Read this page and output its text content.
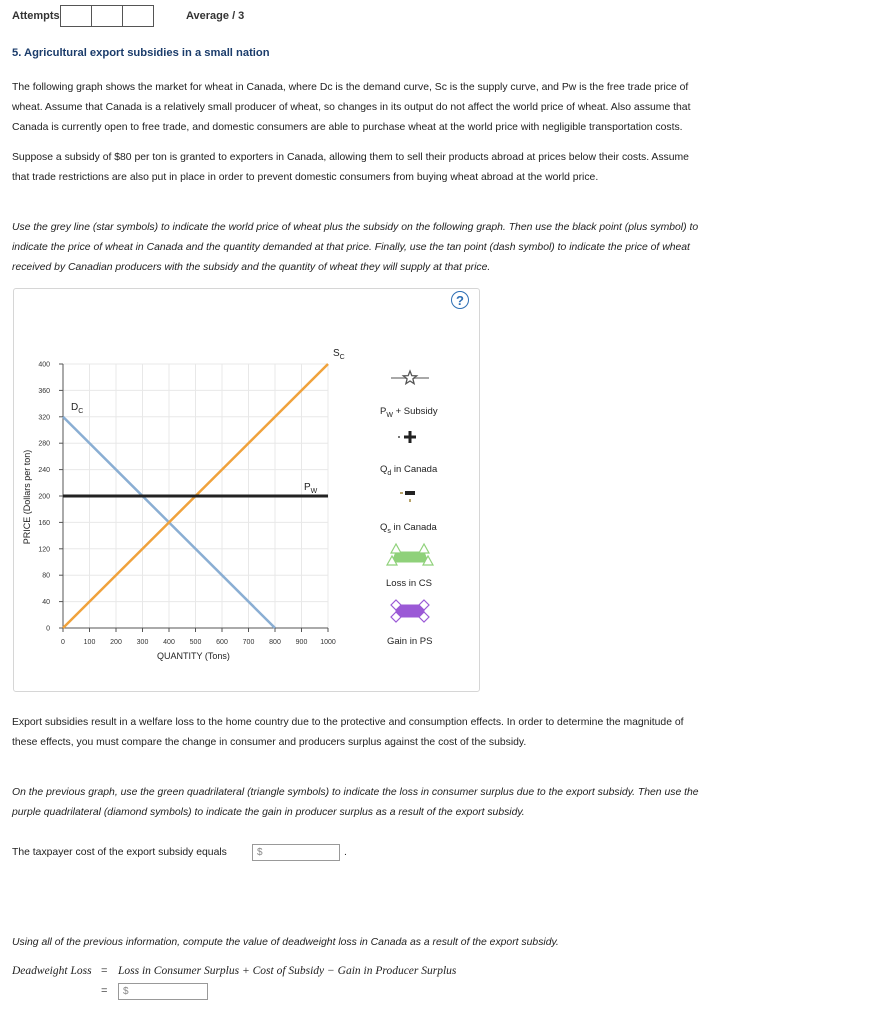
Attempts	Average / 3
5. Agricultural export subsidies in a small nation
The following graph shows the market for wheat in Canada, where Dc is the demand curve, Sc is the supply curve, and Pw is the free trade price of
wheat. Assume that Canada is a relatively small producer of wheat, so changes in its output do not affect the world price of wheat. Also assume that
Canada is currently open to free trade, and domestic consumers are able to purchase wheat at the world price with negligible transportation costs.
Suppose a subsidy of $80 per ton is granted to exporters in Canada, allowing them to sell their products abroad at prices below their costs. Assume
that trade restrictions are also put in place in order to prevent domestic consumers from buying wheat abroad at the world price.
Use the grey line (star symbols) to indicate the world price of wheat plus the subsidy on the following graph. Then use the black point (plus symbol) to
indicate the price of wheat in Canada and the quantity demanded at that price. Finally, use the tan point (dash symbol) to indicate the price of wheat
received by Canadian producers with the subsidy and the quantity of wheat they will supply at that price.
?
0
40
80
120
160
200
240
280
320
360
400
0	100 200 300 400 500 600 700 800 900 1000
$D_C$
$S_C$
$P_W$
PRICE (Dollars per ton)
QUANTITY (Tons)
$P_W$ + Subsidy
$Q_d$ in Canada
$Q_s$ in Canada
Loss in CS
Gain in PS
Export subsidies result in a welfare loss to the home country due to the protective and consumption effects. In order to determine the magnitude of
these effects, you must compare the change in consumer and producers surplus against the cost of the subsidy.
On the previous graph, use the green quadrilateral (triangle symbols) to indicate the loss in consumer surplus due to the export subsidy. Then use the
purple quadrilateral (diamond symbols) to indicate the gain in producer surplus as a result of the export subsidy.
The taxpayer cost of the export subsidy equals	$	.
Using all of the previous information, compute the value of deadweight loss in Canada as a result of the export subsidy.
Deadweight Loss = Loss in Consumer Surplus + Cost of Subsidy − Gain in Producer Surplus
=	$
